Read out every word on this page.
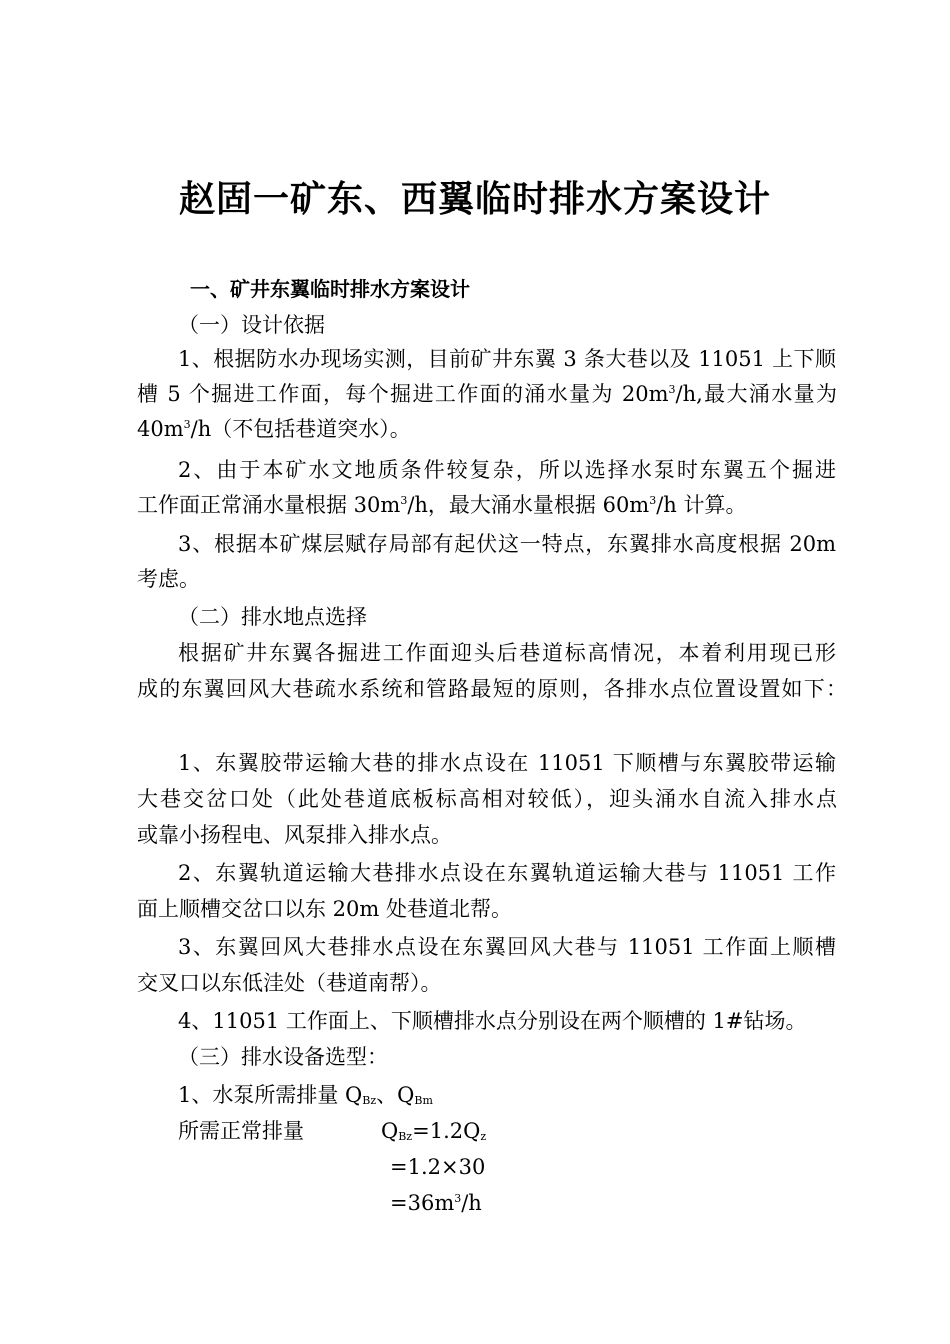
赵固一矿东、西翼临时排水方案设计
一、矿井东翼临时排水方案设计
（一）设计依据
1、根据防水办现场实测，目前矿井东翼 3 条大巷以及 11051 上下顺
槽 5 个掘进工作面，每个掘进工作面的涌水量为 $20m^3/h$,最大涌水量为
$40m^3/h$（不包括巷道突水）。
2、由于本矿水文地质条件较复杂，所以选择水泵时东翼五个掘进
工作面正常涌水量根据 $30m^3/h$，最大涌水量根据 $60m^3/h$ 计算。
3、根据本矿煤层赋存局部有起伏这一特点，东翼排水高度根据 20m
考虑。
（二）排水地点选择
根据矿井东翼各掘进工作面迎头后巷道标高情况，本着利用现已形
成的东翼回风大巷疏水系统和管路最短的原则，各排水点位置设置如下：
1、东翼胶带运输大巷的排水点设在 11051 下顺槽与东翼胶带运输
大巷交岔口处（此处巷道底板标高相对较低），迎头涌水自流入排水点
或靠小扬程电、风泵排入排水点。
2、东翼轨道运输大巷排水点设在东翼轨道运输大巷与 11051 工作
面上顺槽交岔口以东 20m 处巷道北帮。
3、东翼回风大巷排水点设在东翼回风大巷与 11051 工作面上顺槽
交叉口以东低洼处（巷道南帮）。
4、11051 工作面上、下顺槽排水点分别设在两个顺槽的 1#钻场。
（三）排水设备选型：
1、水泵所需排量 $Q_{Bz}$、$Q_{Bm}$
所需正常排量	$Q_{Bz}=1.2Q_z$
=1.2×30
$=36m^3/h$
